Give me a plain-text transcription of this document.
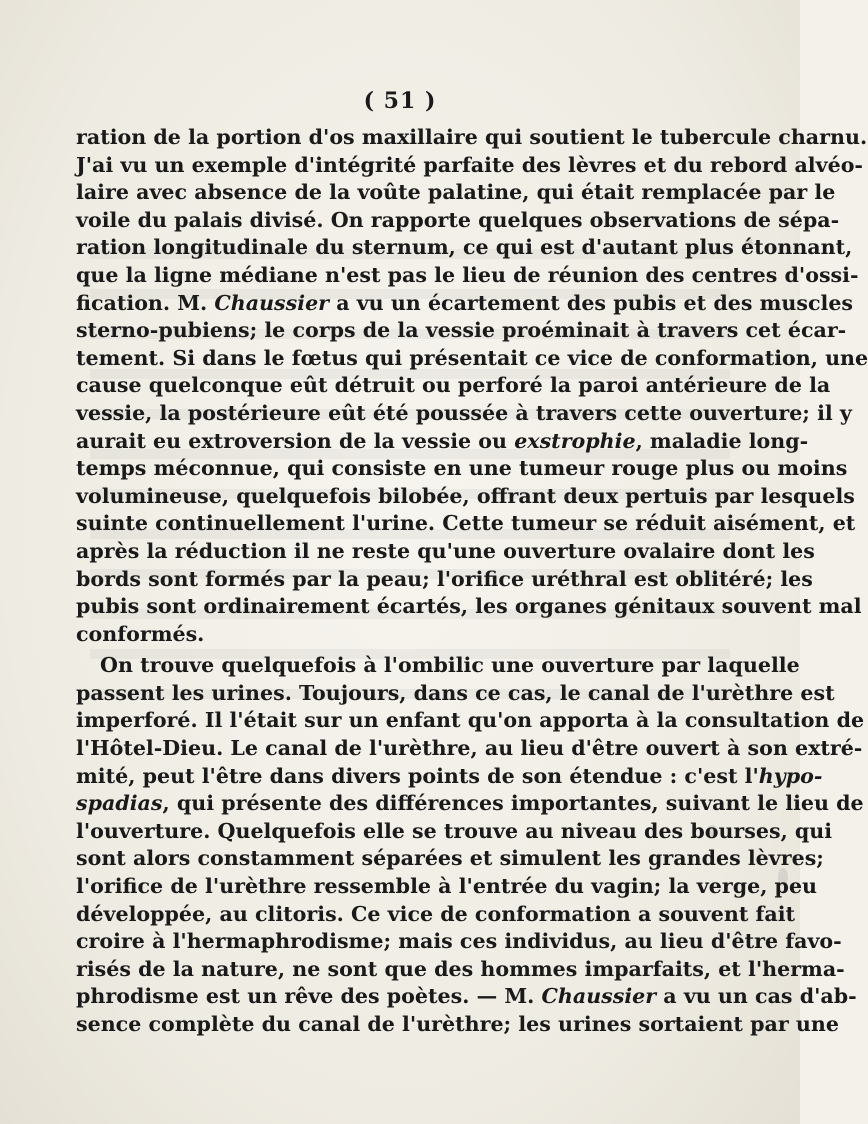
( 51 )
ration de la portion d'os maxillaire qui soutient le tubercule charnu.
J'ai vu un exemple d'intégrité parfaite des lèvres et du rebord alvéo-
laire avec absence de la voûte palatine, qui était remplacée par le
voile du palais divisé. On rapporte quelques observations de sépa-
ration longitudinale du sternum, ce qui est d'autant plus étonnant,
que la ligne médiane n'est pas le lieu de réunion des centres d'ossi-
fication. M. Chaussier a vu un écartement des pubis et des muscles
sterno-pubiens; le corps de la vessie proéminait à travers cet écar-
tement. Si dans le fœtus qui présentait ce vice de conformation, une
cause quelconque eût détruit ou perforé la paroi antérieure de la
vessie, la postérieure eût été poussée à travers cette ouverture; il y
aurait eu extroversion de la vessie ou exstrophie, maladie long-
temps méconnue, qui consiste en une tumeur rouge plus ou moins
volumineuse, quelquefois bilobée, offrant deux pertuis par lesquels
suinte continuellement l'urine. Cette tumeur se réduit aisément, et
après la réduction il ne reste qu'une ouverture ovalaire dont les
bords sont formés par la peau; l'orifice uréthral est oblitéré; les
pubis sont ordinairement écartés, les organes génitaux souvent mal
conformés.
On trouve quelquefois à l'ombilic une ouverture par laquelle
passent les urines. Toujours, dans ce cas, le canal de l'urèthre est
imperforé. Il l'était sur un enfant qu'on apporta à la consultation de
l'Hôtel-Dieu. Le canal de l'urèthre, au lieu d'être ouvert à son extré-
mité, peut l'être dans divers points de son étendue : c'est l'hypo-
spadias, qui présente des différences importantes, suivant le lieu de
l'ouverture. Quelquefois elle se trouve au niveau des bourses, qui
sont alors constamment séparées et simulent les grandes lèvres;
l'orifice de l'urèthre ressemble à l'entrée du vagin; la verge, peu
développée, au clitoris. Ce vice de conformation a souvent fait
croire à l'hermaphrodisme; mais ces individus, au lieu d'être favo-
risés de la nature, ne sont que des hommes imparfaits, et l'herma-
phrodisme est un rêve des poètes. — M. Chaussier a vu un cas d'ab-
sence complète du canal de l'urèthre; les urines sortaient par une
